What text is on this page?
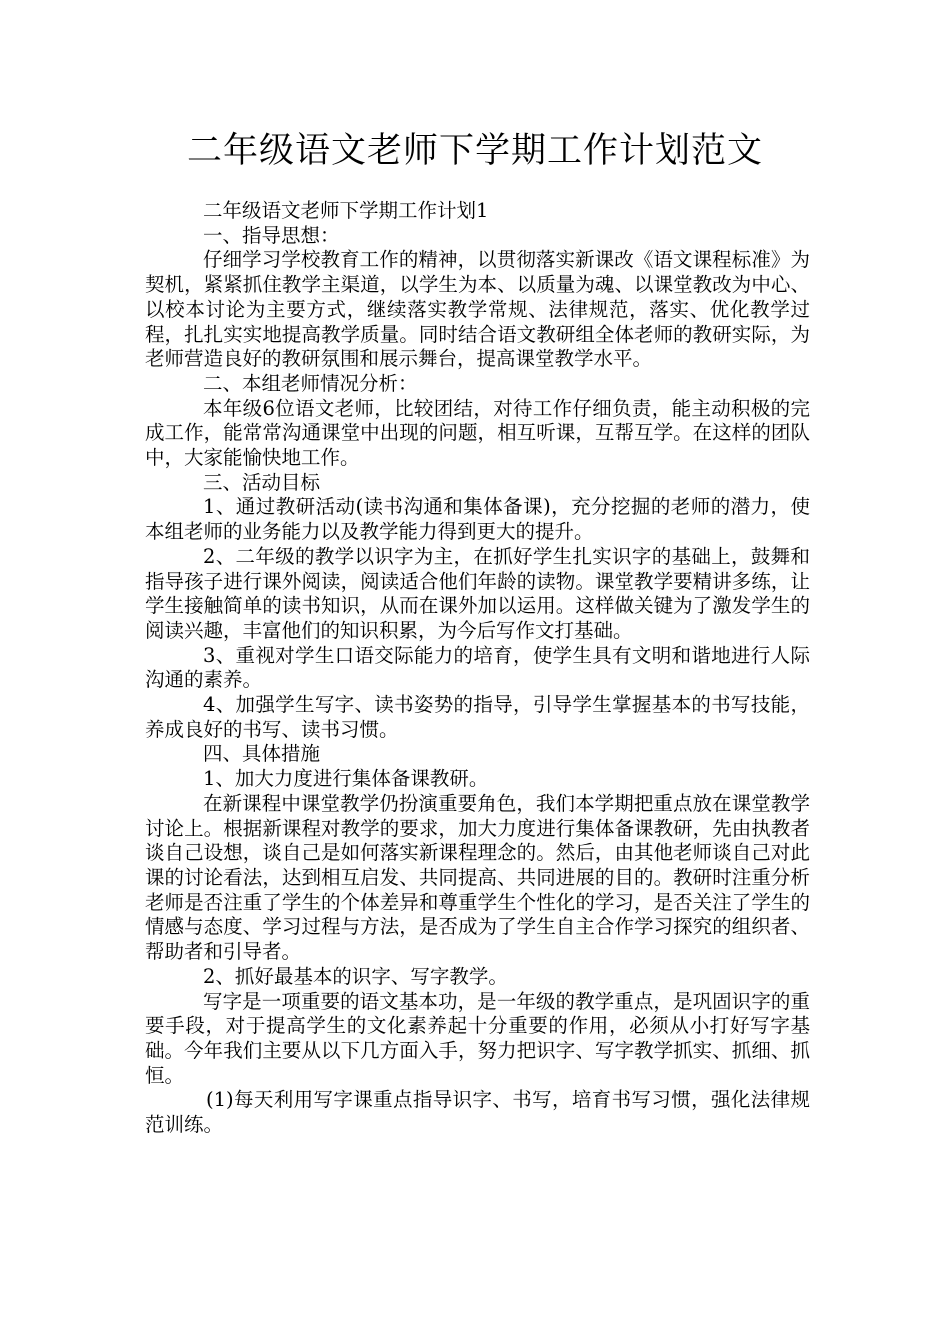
二年级语文老师下学期工作计划范文

二年级语文老师下学期工作计划1

一、指导思想：

仔细学习学校教育工作的精神，以贯彻落实新课改《语文课程标准》为契机，紧紧抓住教学主渠道，以学生为本、以质量为魂、以课堂教改为中心、以校本讨论为主要方式，继续落实教学常规、法律规范，落实、优化教学过程，扎扎实实地提高教学质量。同时结合语文教研组全体老师的教研实际，为老师营造良好的教研氛围和展示舞台，提高课堂教学水平。

二、本组老师情况分析：

本年级6位语文老师，比较团结，对待工作仔细负责，能主动积极的完成工作，能常常沟通课堂中出现的问题，相互听课，互帮互学。在这样的团队中，大家能愉快地工作。

三、活动目标

1、通过教研活动(读书沟通和集体备课)，充分挖掘的老师的潜力，使本组老师的业务能力以及教学能力得到更大的提升。

2、二年级的教学以识字为主，在抓好学生扎实识字的基础上，鼓舞和指导孩子进行课外阅读，阅读适合他们年龄的读物。课堂教学要精讲多练，让学生接触简单的读书知识，从而在课外加以运用。这样做关键为了激发学生的阅读兴趣，丰富他们的知识积累，为今后写作文打基础。

3、重视对学生口语交际能力的培育，使学生具有文明和谐地进行人际沟通的素养。

4、加强学生写字、读书姿势的指导，引导学生掌握基本的书写技能，养成良好的书写、读书习惯。

四、具体措施

1、加大力度进行集体备课教研。

在新课程中课堂教学仍扮演重要角色，我们本学期把重点放在课堂教学讨论上。根据新课程对教学的要求，加大力度进行集体备课教研，先由执教者谈自己设想，谈自己是如何落实新课程理念的。然后，由其他老师谈自己对此课的讨论看法，达到相互启发、共同提高、共同进展的目的。教研时注重分析老师是否注重了学生的个体差异和尊重学生个性化的学习，是否关注了学生的情感与态度、学习过程与方法，是否成为了学生自主合作学习探究的组织者、帮助者和引导者。

2、抓好最基本的识字、写字教学。

写字是一项重要的语文基本功，是一年级的教学重点，是巩固识字的重要手段，对于提高学生的文化素养起十分重要的作用，必须从小打好写字基础。今年我们主要从以下几方面入手，努力把识字、写字教学抓实、抓细、抓恒。

(1)每天利用写字课重点指导识字、书写，培育书写习惯，强化法律规范训练。
